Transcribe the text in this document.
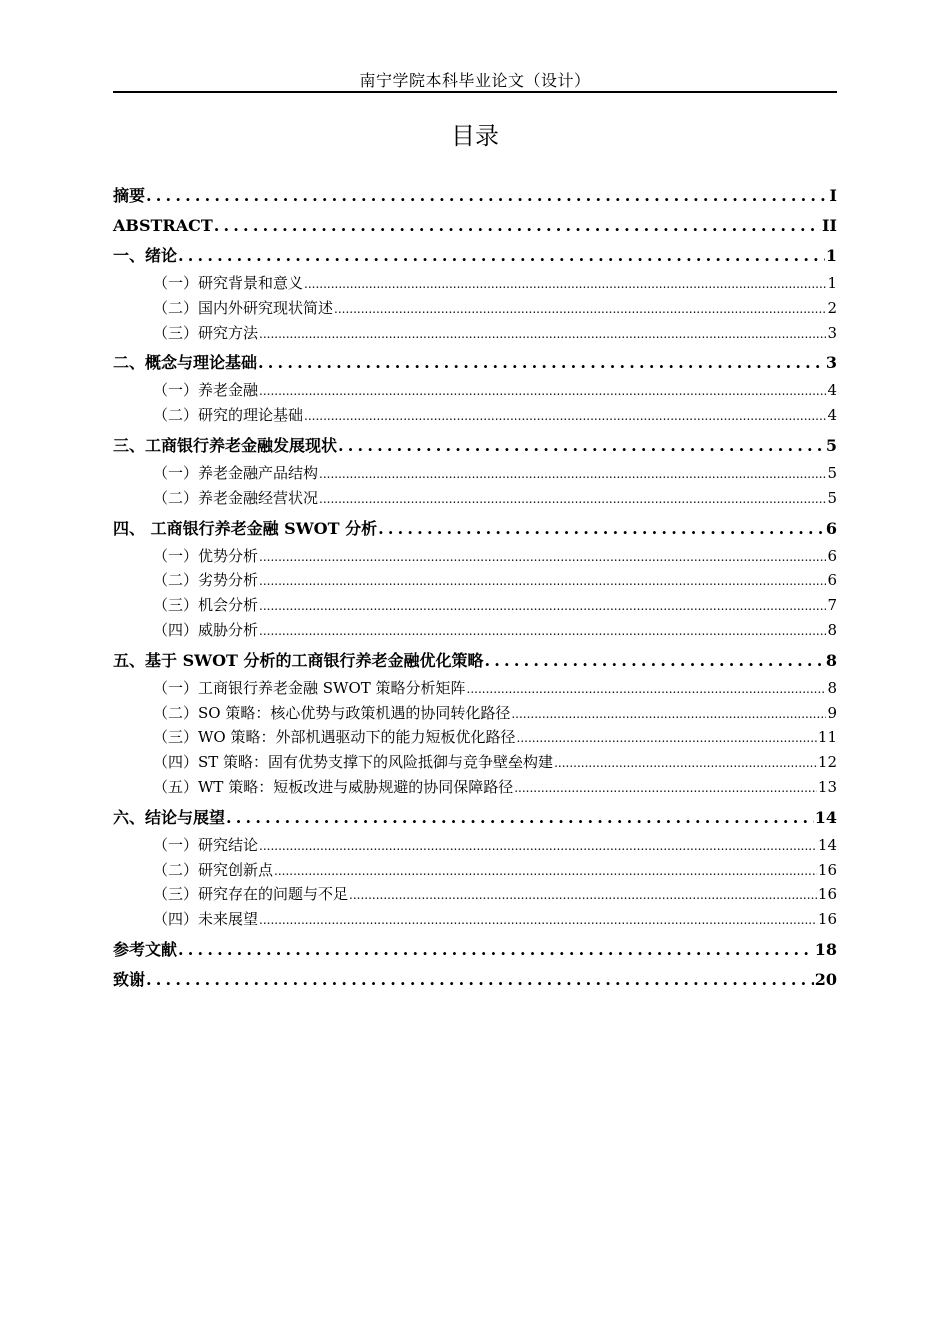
南宁学院本科毕业论文（设计）
目录
摘要 .....	I
ABSTRACT .....	II
一、绪论 .....	1
（一）研究背景和意义 .....	1
（二）国内外研究现状简述 .....	2
（三）研究方法 .....	3
二、概念与理论基础 .....	3
（一）养老金融 .....	4
（二）研究的理论基础 .....	4
三、工商银行养老金融发展现状 .....	5
（一）养老金融产品结构 .....	5
（二）养老金融经营状况 .....	5
四、 工商银行养老金融 SWOT 分析 .....	6
（一）优势分析 .....	6
（二）劣势分析 .....	6
（三）机会分析 .....	7
（四）威胁分析 .....	8
五、基于 SWOT 分析的工商银行养老金融优化策略 .....	8
（一）工商银行养老金融 SWOT 策略分析矩阵 .....	8
（二）SO 策略：核心优势与政策机遇的协同转化路径 .....	9
（三）WO 策略：外部机遇驱动下的能力短板优化路径 .....	11
（四）ST 策略：固有优势支撑下的风险抵御与竞争壁垒构建 .....	12
（五）WT 策略：短板改进与威胁规避的协同保障路径 .....	13
六、结论与展望 .....	14
（一）研究结论 .....	14
（二）研究创新点 .....	16
（三）研究存在的问题与不足 .....	16
（四）未来展望 .....	16
参考文献 .....	18
致谢 .....	20
